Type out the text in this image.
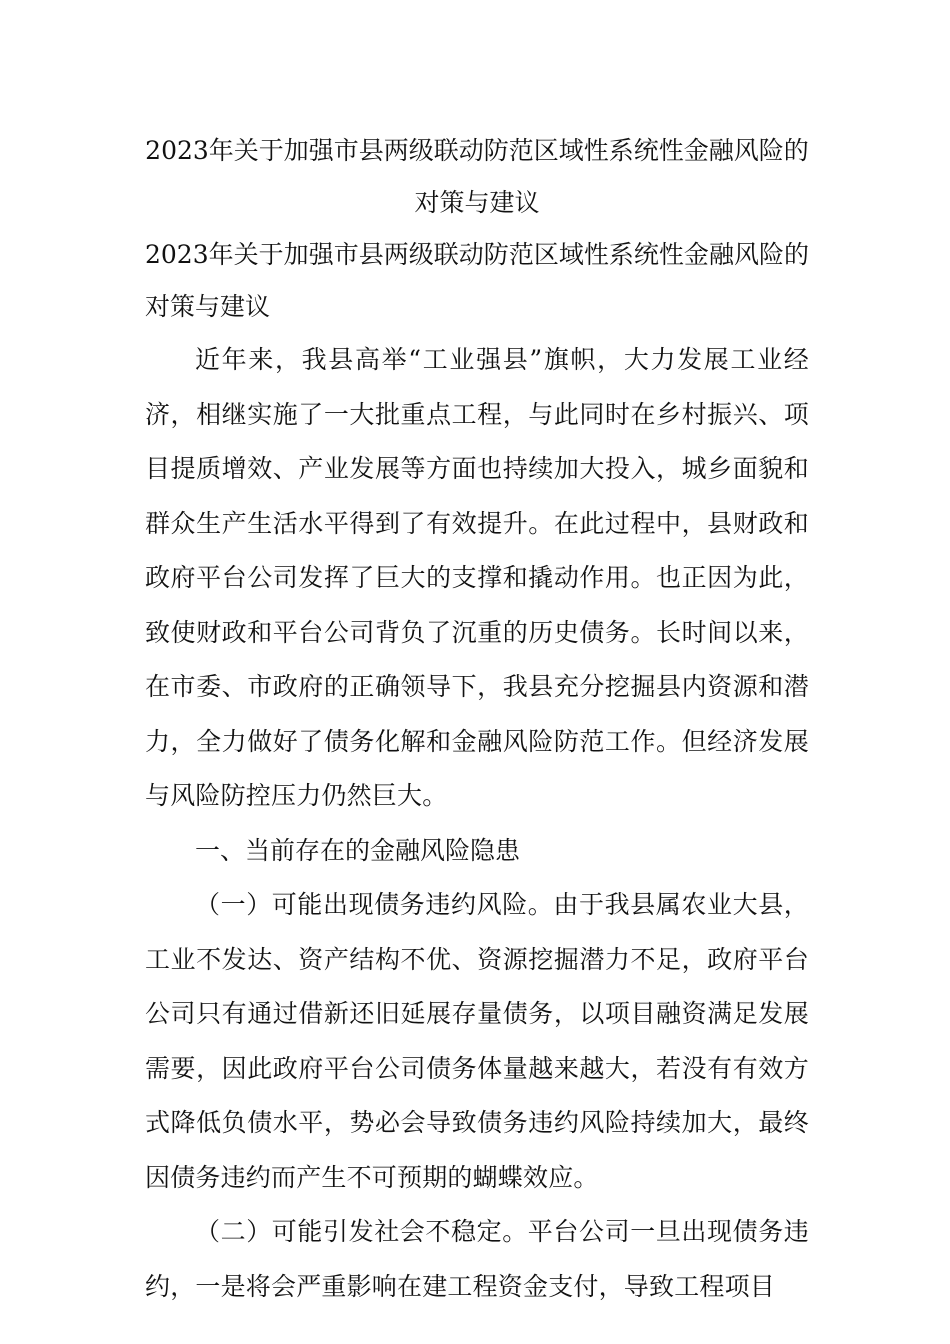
2023年关于加强市县两级联动防范区域性系统性金融风险的对策与建议
2023年关于加强市县两级联动防范区域性系统性金融风险的对策与建议

近年来，我县高举“工业强县”旗帜，大力发展工业经济，相继实施了一大批重点工程，与此同时在乡村振兴、项目提质增效、产业发展等方面也持续加大投入，城乡面貌和群众生产生活水平得到了有效提升。在此过程中，县财政和政府平台公司发挥了巨大的支撑和撬动作用。也正因为此，致使财政和平台公司背负了沉重的历史债务。长时间以来，在市委、市政府的正确领导下，我县充分挖掘县内资源和潜力，全力做好了债务化解和金融风险防范工作。但经济发展与风险防控压力仍然巨大。

一、当前存在的金融风险隐患

（一）可能出现债务违约风险。由于我县属农业大县，工业不发达、资产结构不优、资源挖掘潜力不足，政府平台公司只有通过借新还旧延展存量债务，以项目融资满足发展需要，因此政府平台公司债务体量越来越大，若没有有效方式降低负债水平，势必会导致债务违约风险持续加大，最终因债务违约而产生不可预期的蝴蝶效应。

（二）可能引发社会不稳定。平台公司一旦出现债务违约，一是将会严重影响在建工程资金支付，导致工程项目
